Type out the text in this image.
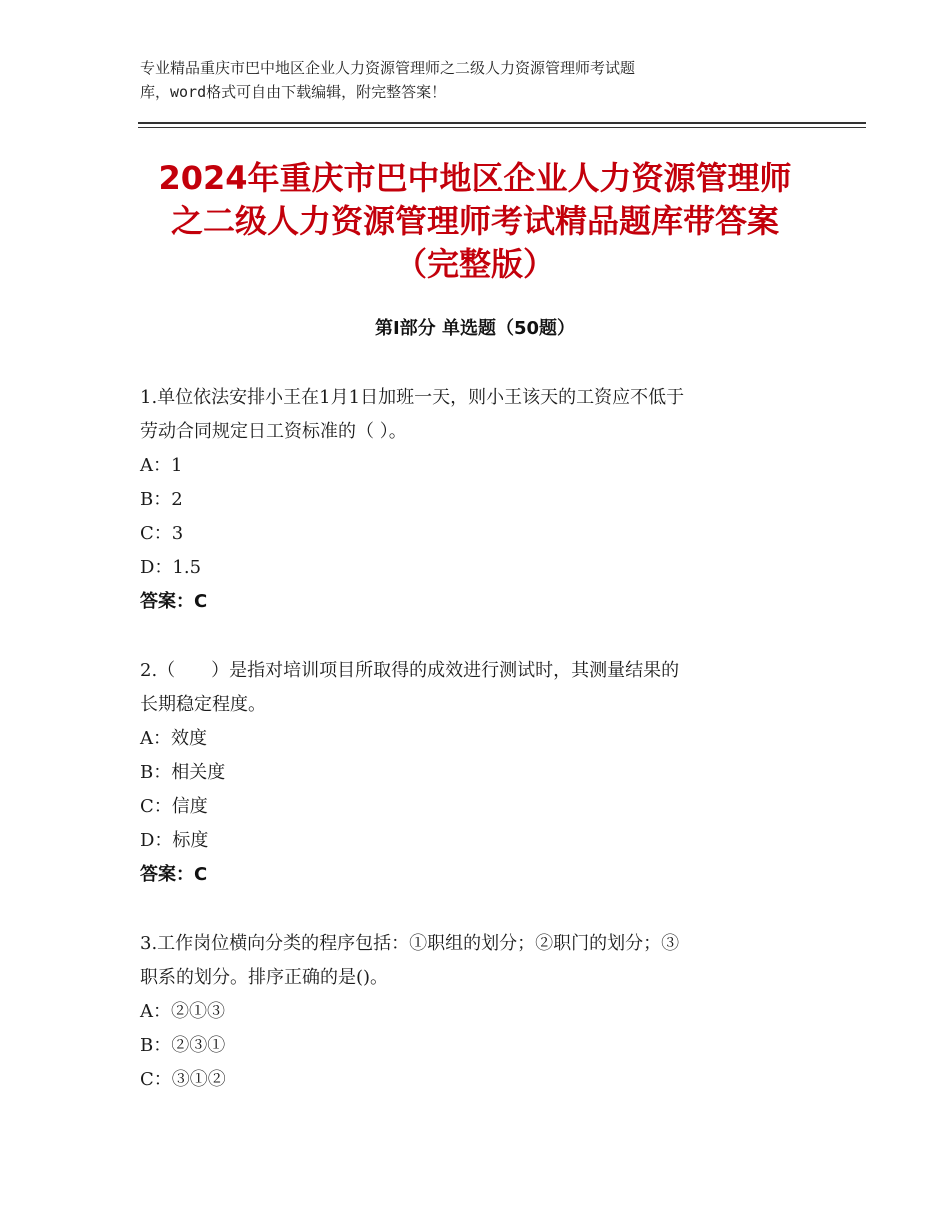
专业精品重庆市巴中地区企业人力资源管理师之二级人力资源管理师考试题
库，word格式可自由下载编辑，附完整答案！
2024年重庆市巴中地区企业人力资源管理师
之二级人力资源管理师考试精品题库带答案
（完整版）
第Ⅰ部分 单选题（50题）
1.单位依法安排小王在1月1日加班一天，则小王该天的工资应不低于
劳动合同规定日工资标准的（ ）。
A：1
B：2
C：3
D：1.5
答案：C
2.（　　）是指对培训项目所取得的成效进行测试时，其测量结果的
长期稳定程度。
A：效度
B：相关度
C：信度
D：标度
答案：C
3.工作岗位横向分类的程序包括：①职组的划分；②职门的划分；③
职系的划分。排序正确的是()。
A：②①③
B：②③①
C：③①②
